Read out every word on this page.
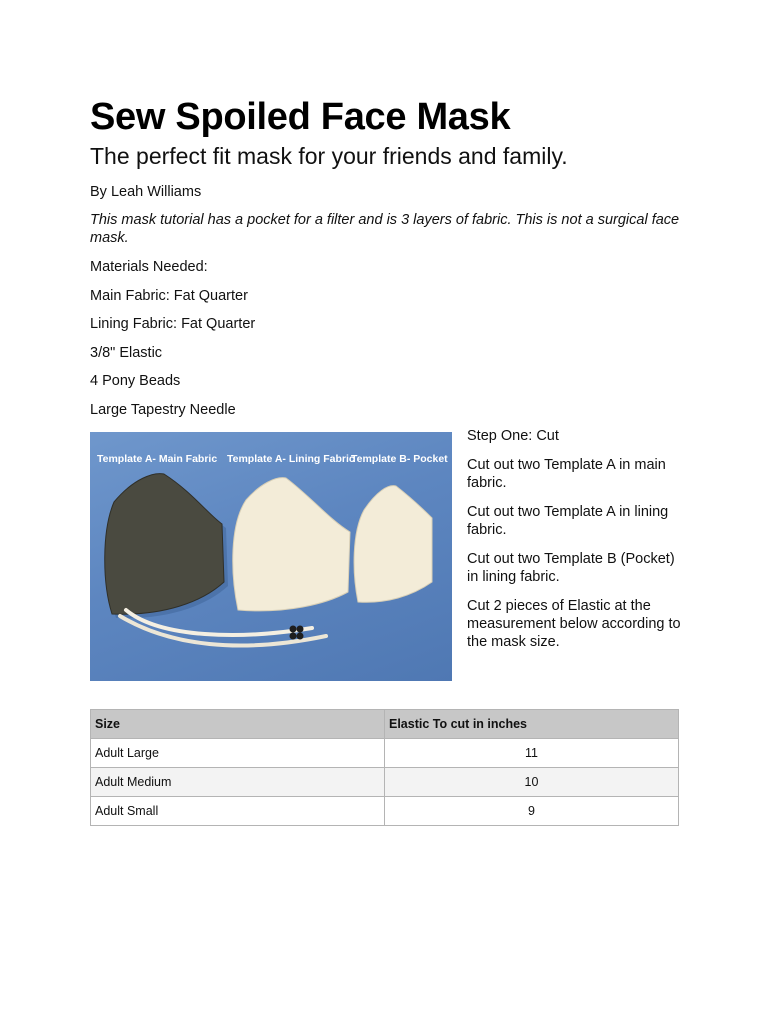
Sew Spoiled Face Mask

The perfect fit mask for your friends and family.

By Leah Williams

This mask tutorial has a pocket for a filter and is 3 layers of fabric. This is not a surgical face mask.

Materials Needed:

Main Fabric: Fat Quarter

Lining Fabric: Fat Quarter

3/8" Elastic

4 Pony Beads

Large Tapestry Needle

Template A- Main Fabric Template A- Lining Fabric
Template B- Pocket

Step One: Cut

Cut out two Template A in main fabric.

Cut out two Template A in lining fabric.

Cut out two Template B (Pocket) in lining fabric.

Cut 2 pieces of Elastic at the measurement below according to the mask size.

Size	Elastic To cut in inches
Adult Large	11
Adult Medium	10
Adult Small	9
